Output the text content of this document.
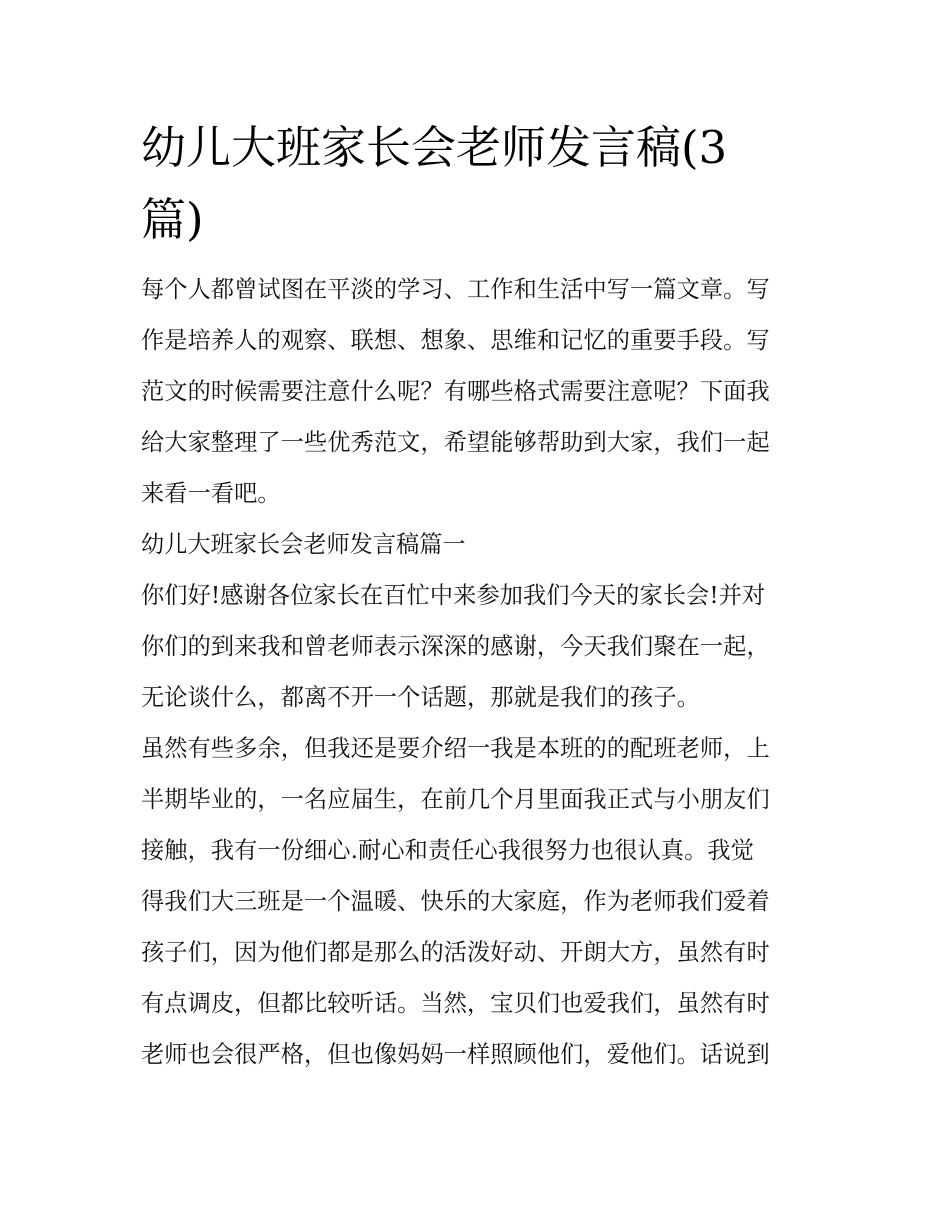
幼儿大班家长会老师发言稿(3
篇)

每个人都曾试图在平淡的学习、工作和生活中写一篇文章。写
作是培养人的观察、联想、想象、思维和记忆的重要手段。写
范文的时候需要注意什么呢？有哪些格式需要注意呢？下面我
给大家整理了一些优秀范文，希望能够帮助到大家，我们一起
来看一看吧。

幼儿大班家长会老师发言稿篇一

你们好!感谢各位家长在百忙中来参加我们今天的家长会!并对
你们的到来我和曾老师表示深深的感谢，今天我们聚在一起，
无论谈什么，都离不开一个话题，那就是我们的孩子。

虽然有些多余，但我还是要介绍一我是本班的的配班老师，上
半期毕业的，一名应届生，在前几个月里面我正式与小朋友们
接触，我有一份细心.耐心和责任心我很努力也很认真。我觉
得我们大三班是一个温暖、快乐的大家庭，作为老师我们爱着
孩子们，因为他们都是那么的活泼好动、开朗大方，虽然有时
有点调皮，但都比较听话。当然，宝贝们也爱我们，虽然有时
老师也会很严格，但也像妈妈一样照顾他们，爱他们。话说到
